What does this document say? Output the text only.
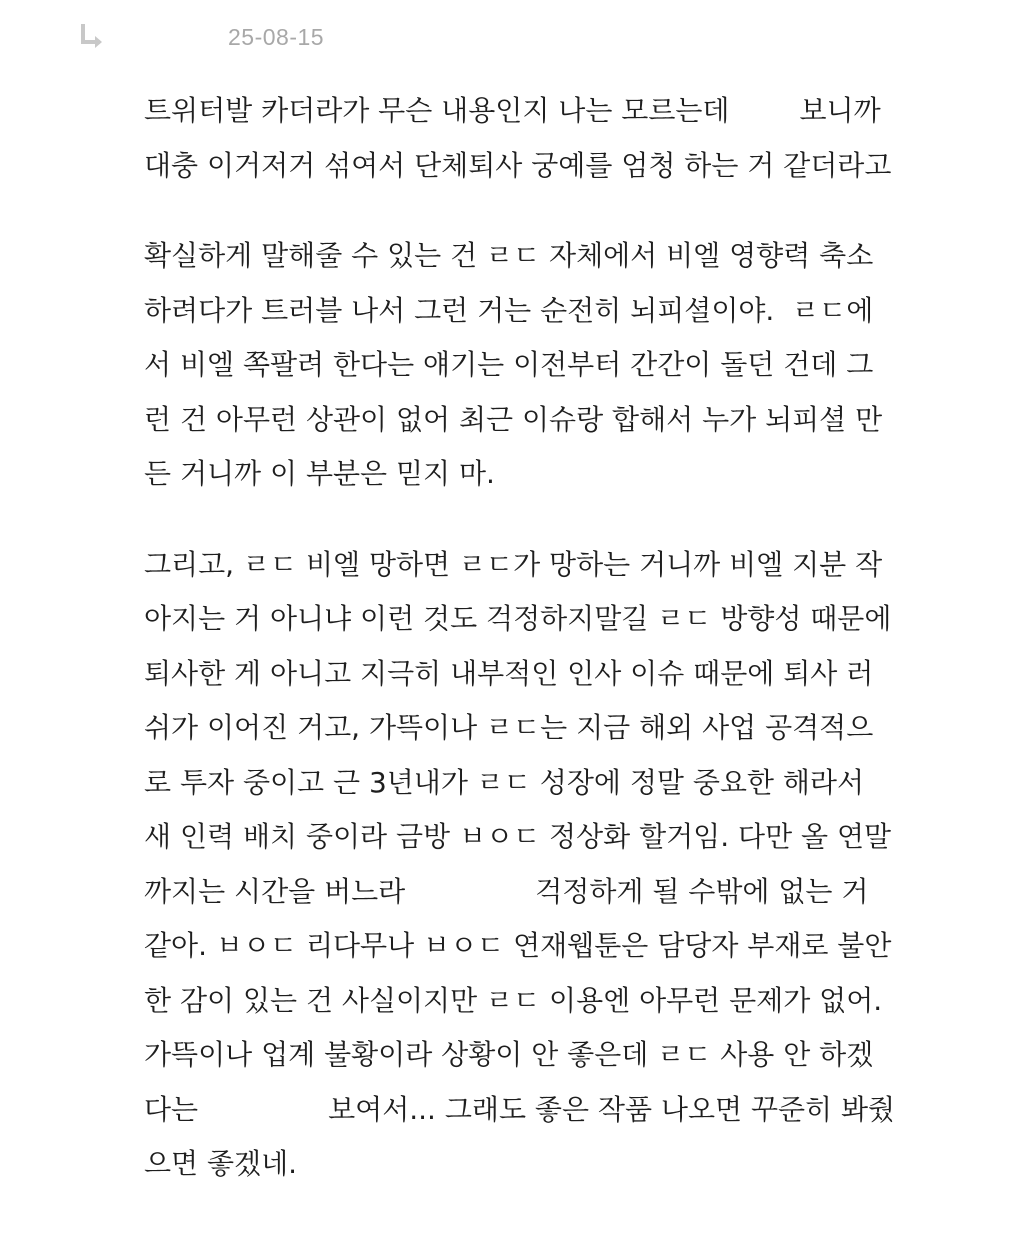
25-08-15
트위터발 카더라가 무슨 내용인지 나는 모르는데	보니까
대충 이거저거 섞여서 단체퇴사 궁예를 엄청 하는 거 같더라고
확실하게 말해줄 수 있는 건 ㄹㄷ 자체에서 비엘 영향력 축소
하려다가 트러블 나서 그런 거는 순전히 뇌피셜이야.  ㄹㄷ에
서 비엘 쪽팔려 한다는 얘기는 이전부터 간간이 돌던 건데 그
런 건 아무런 상관이 없어 최근 이슈랑 합해서 누가 뇌피셜 만
든 거니까 이 부분은 믿지 마.
그리고, ㄹㄷ 비엘 망하면 ㄹㄷ가 망하는 거니까 비엘 지분 작
아지는 거 아니냐 이런 것도 걱정하지말길 ㄹㄷ 방향성 때문에
퇴사한 게 아니고 지극히 내부적인 인사 이슈 때문에 퇴사 러
쉬가 이어진 거고, 가뜩이나 ㄹㄷ는 지금 해외 사업 공격적으
로 투자 중이고 근 3년내가 ㄹㄷ 성장에 정말 중요한 해라서
새 인력 배치 중이라 금방 ㅂㅇㄷ 정상화 할거임. 다만 올 연말
까지는 시간을 버느라	걱정하게 될 수밖에 없는 거
같아. ㅂㅇㄷ 리다무나 ㅂㅇㄷ 연재웹툰은 담당자 부재로 불안
한 감이 있는 건 사실이지만 ㄹㄷ 이용엔 아무런 문제가 없어.
가뜩이나 업계 불황이라 상황이 안 좋은데 ㄹㄷ 사용 안 하겠
다는	보여서... 그래도 좋은 작품 나오면 꾸준히 봐줬
으면 좋겠네.
